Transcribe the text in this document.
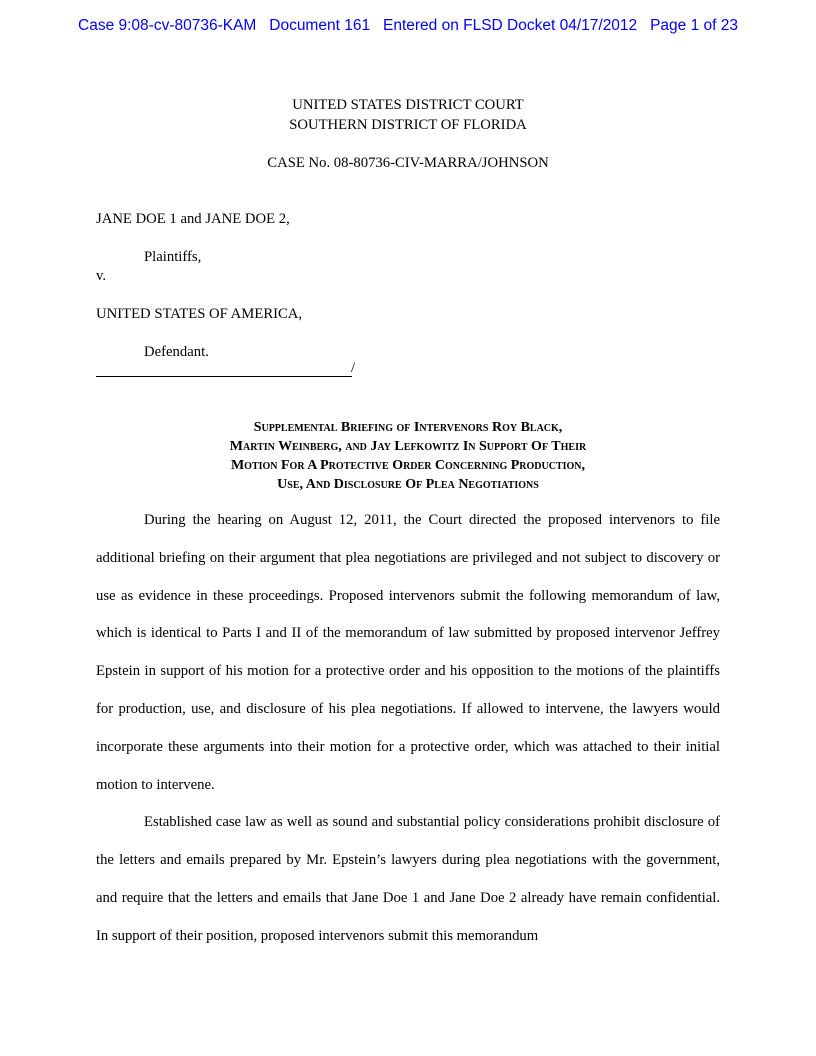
Case 9:08-cv-80736-KAM   Document 161   Entered on FLSD Docket 04/17/2012   Page 1 of 23
UNITED STATES DISTRICT COURT
SOUTHERN DISTRICT OF FLORIDA
CASE No. 08-80736-CIV-MARRA/JOHNSON
JANE DOE 1 and JANE DOE 2,
Plaintiffs,
v.
UNITED STATES OF AMERICA,
Defendant.
/
Supplemental Briefing of Intervenors Roy Black,
Martin Weinberg, and Jay Lefkowitz In Support Of Their
Motion For A Protective Order Concerning Production,
Use, And Disclosure Of Plea Negotiations

During the hearing on August 12, 2011, the Court directed the proposed intervenors to file additional briefing on their argument that plea negotiations are privileged and not subject to discovery or use as evidence in these proceedings. Proposed intervenors submit the following memorandum of law, which is identical to Parts I and II of the memorandum of law submitted by proposed intervenor Jeffrey Epstein in support of his motion for a protective order and his opposition to the motions of the plaintiffs for production, use, and disclosure of his plea negotiations. If allowed to intervene, the lawyers would incorporate these arguments into their motion for a protective order, which was attached to their initial motion to intervene.

Established case law as well as sound and substantial policy considerations prohibit disclosure of the letters and emails prepared by Mr. Epstein’s lawyers during plea negotiations with the government, and require that the letters and emails that Jane Doe 1 and Jane Doe 2 already have remain confidential. In support of their position, proposed intervenors submit this memorandum
